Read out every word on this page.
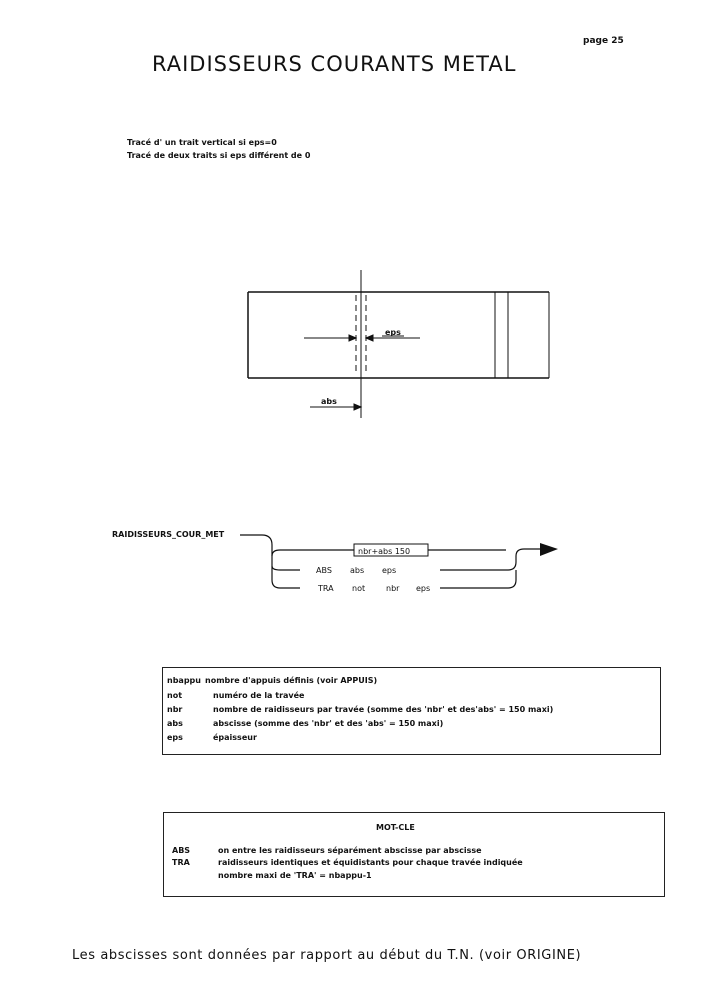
page 25
RAIDISSEURS COURANTS METAL
Tracé d' un trait vertical si eps=0
Tracé de deux traits si eps différent de 0
eps
abs
nbr+abs 150
ABS abs eps
TRA not	nbr eps
RAIDISSEURS_COUR_MET
nbappu nombre d'appuis définis (voir APPUIS)
not	numéro de la travée
nbr	nombre de raidisseurs par travée (somme des 'nbr' et des'abs' = 150 maxi)
abs	abscisse (somme des 'nbr' et des 'abs' = 150 maxi)
eps	épaisseur
MOT-CLE
ABS	on entre les raidisseurs séparément abscisse par abscisse
TRA	raidisseurs identiques et équidistants pour chaque travée indiquée
nombre maxi de 'TRA' = nbappu-1
Les abscisses sont données par rapport au début du T.N. (voir ORIGINE)
